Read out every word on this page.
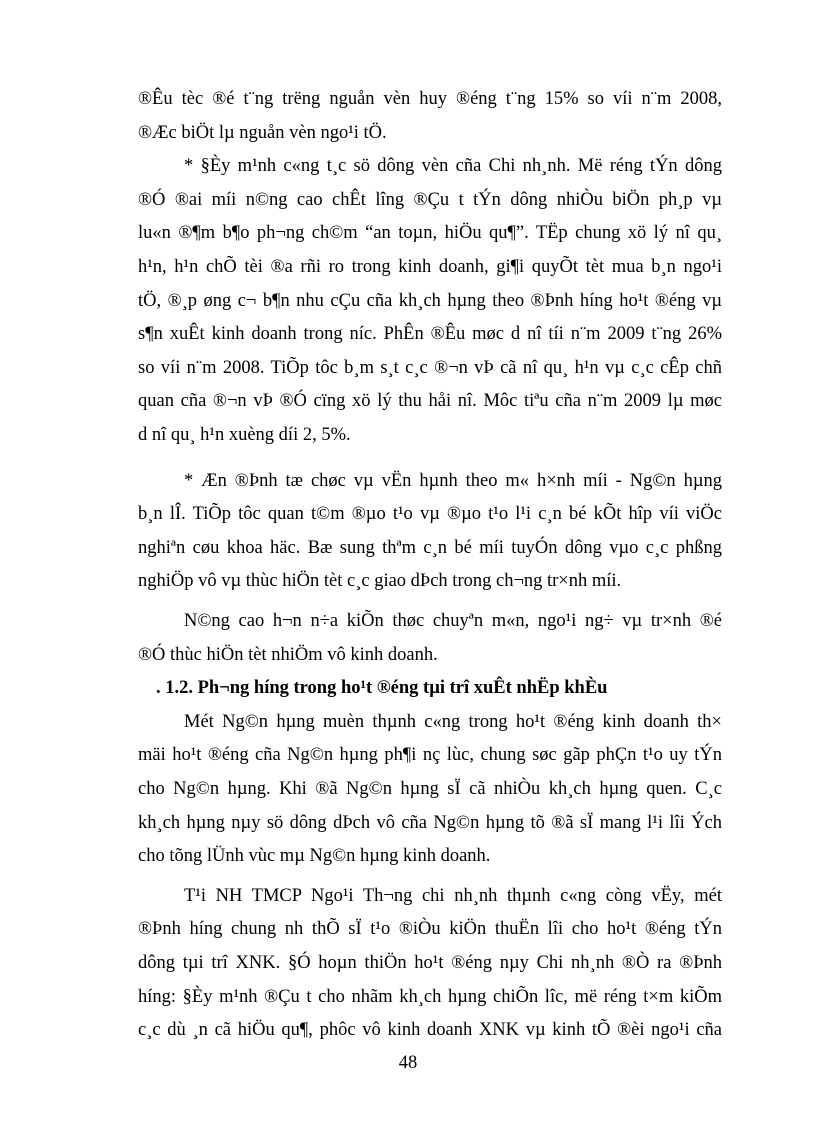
®Êu tèc ®é t¨ng trëng nguån vèn huy ®éng t¨ng 15% so víi n¨m 2008,
®Æc biÖt lµ nguån vèn ngo¹i tÖ.
* §Èy m¹nh c«ng t¸c sö dông vèn cña Chi nh¸nh. Më réng tÝn dông
®Ó ®ai míi n©ng cao chÊt lîng ®Çu t tÝn dông nhiÒu biÖn ph¸p vµ
lu«n ®¶m b¶o ph¬ng ch©m “an toµn, hiÖu qu¶”. TËp chung xö lý nî qu¸
h¹n, h¹n chÕ tèi ®a rñi ro trong kinh doanh, gi¶i quyÕt tèt mua b¸n ngo¹i
tÖ, ®¸p øng c¬ b¶n nhu cÇu cña kh¸ch hµng theo ®Þnh híng ho¹t ®éng vµ
s¶n xuÊt kinh doanh trong níc. PhÊn ®Êu møc d nî tíi n¨m 2009 t¨ng 26%
so víi n¨m 2008. TiÕp tôc b¸m s¸t c¸c ®¬n vÞ cã nî qu¸ h¹n vµ c¸c cÊp chñ
quan cña ®¬n vÞ ®Ó cïng xö lý thu håi nî. Môc tiªu cña n¨m 2009 lµ møc
d nî qu¸ h¹n xuèng díi 2, 5%.
* Æn ®Þnh tæ chøc vµ vËn hµnh theo m« h×nh míi - Ng©n hµng
b¸n lÎ. TiÕp tôc quan t©m ®µo t¹o vµ ®µo t¹o l¹i c¸n bé kÕt hîp víi viÖc
nghiªn cøu khoa häc. Bæ sung thªm c¸n bé míi tuyÓn dông vµo c¸c phßng
nghiÖp vô vµ thùc hiÖn tèt c¸c giao dÞch trong ch¬ng tr×nh míi.
N©ng cao h¬n n÷a kiÕn thøc chuyªn m«n, ngo¹i ng÷ vµ tr×nh ®é
®Ó thùc hiÖn tèt nhiÖm vô kinh doanh.
. 1.2. Ph¬ng híng trong ho¹t ®éng tµi trî xuÊt nhËp khÈu
Mét Ng©n hµng muèn thµnh c«ng trong ho¹t ®éng kinh doanh th×
mäi ho¹t ®éng cña Ng©n hµng ph¶i nç lùc, chung søc gãp phÇn t¹o uy tÝn
cho Ng©n hµng. Khi ®ã Ng©n hµng sÏ cã nhiÒu kh¸ch hµng quen. C¸c
kh¸ch hµng nµy sö dông dÞch vô cña Ng©n hµng tõ ®ã sÏ mang l¹i lîi Ých
cho tõng lÜnh vùc mµ Ng©n hµng kinh doanh.
T¹i NH TMCP Ngo¹i Th¬ng chi nh¸nh thµnh c«ng còng vËy, mét
®Þnh híng chung nh thÕ sÏ t¹o ®iÒu kiÖn thuËn lîi cho ho¹t ®éng tÝn
dông tµi trî XNK. §Ó hoµn thiÖn ho¹t ®éng nµy Chi nh¸nh ®Ò ra ®Þnh
híng: §Èy m¹nh ®Çu t cho nhãm kh¸ch hµng chiÕn lîc, më réng t×m kiÕm
c¸c dù ¸n cã hiÖu qu¶, phôc vô kinh doanh XNK vµ kinh tÕ ®èi ngo¹i cña
48
